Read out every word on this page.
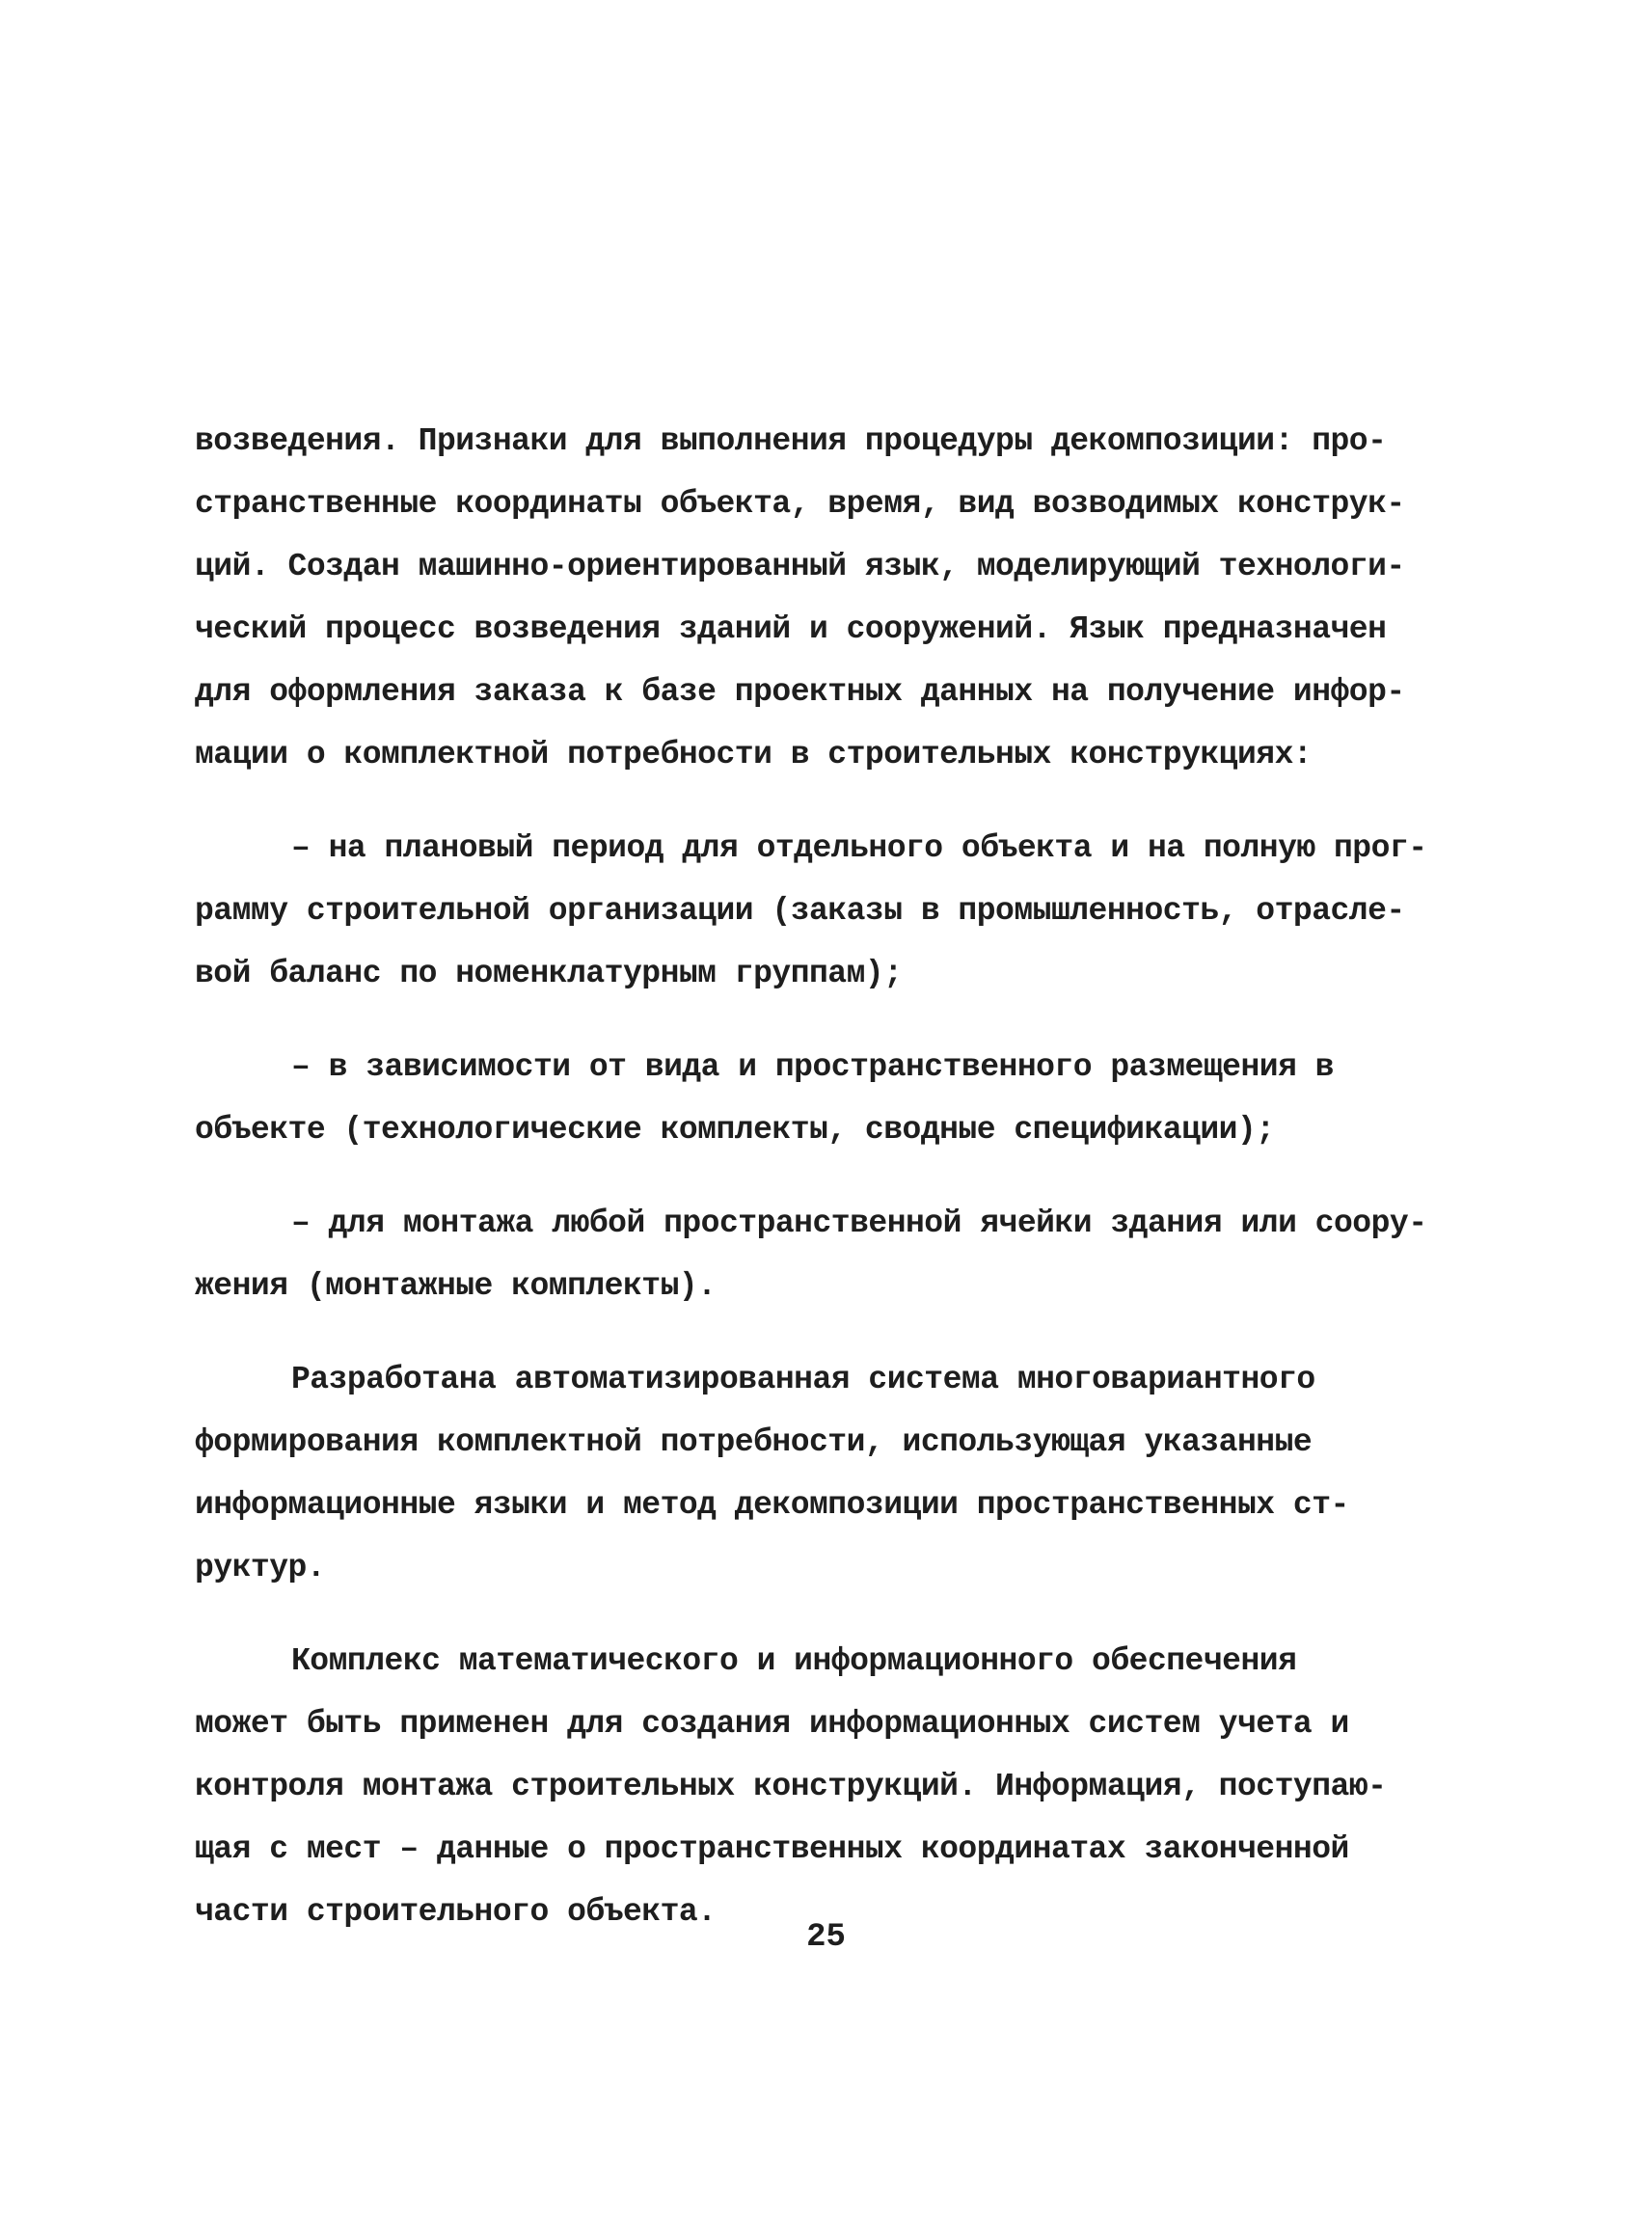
возведения. Признаки для выполнения процедуры декомпозиции: про-
странственные координаты объекта, время, вид возводимых конструк-
ций. Создан машинно-ориентированный язык, моделирующий технологи-
ческий процесс возведения зданий и сооружений. Язык предназначен
для оформления заказа к базе проектных данных на получение инфор-
мации о комплектной потребности в строительных конструкциях:

– на плановый период для отдельного объекта и на полную прог-
рамму строительной организации (заказы в промышленность, отрасле-
вой баланс по номенклатурным группам);

– в зависимости от вида и пространственного размещения в
объекте (технологические комплекты, сводные спецификации);

– для монтажа любой пространственной ячейки здания или соору-
жения (монтажные комплекты).

Разработана автоматизированная система многовариантного
формирования комплектной потребности, использующая указанные
информационные языки и метод декомпозиции пространственных ст-
руктур.

Комплекс математического и информационного обеспечения
может быть применен для создания информационных систем учета и
контроля монтажа строительных конструкций. Информация, поступаю-
щая с мест – данные о пространственных координатах законченной
части строительного объекта.

25
